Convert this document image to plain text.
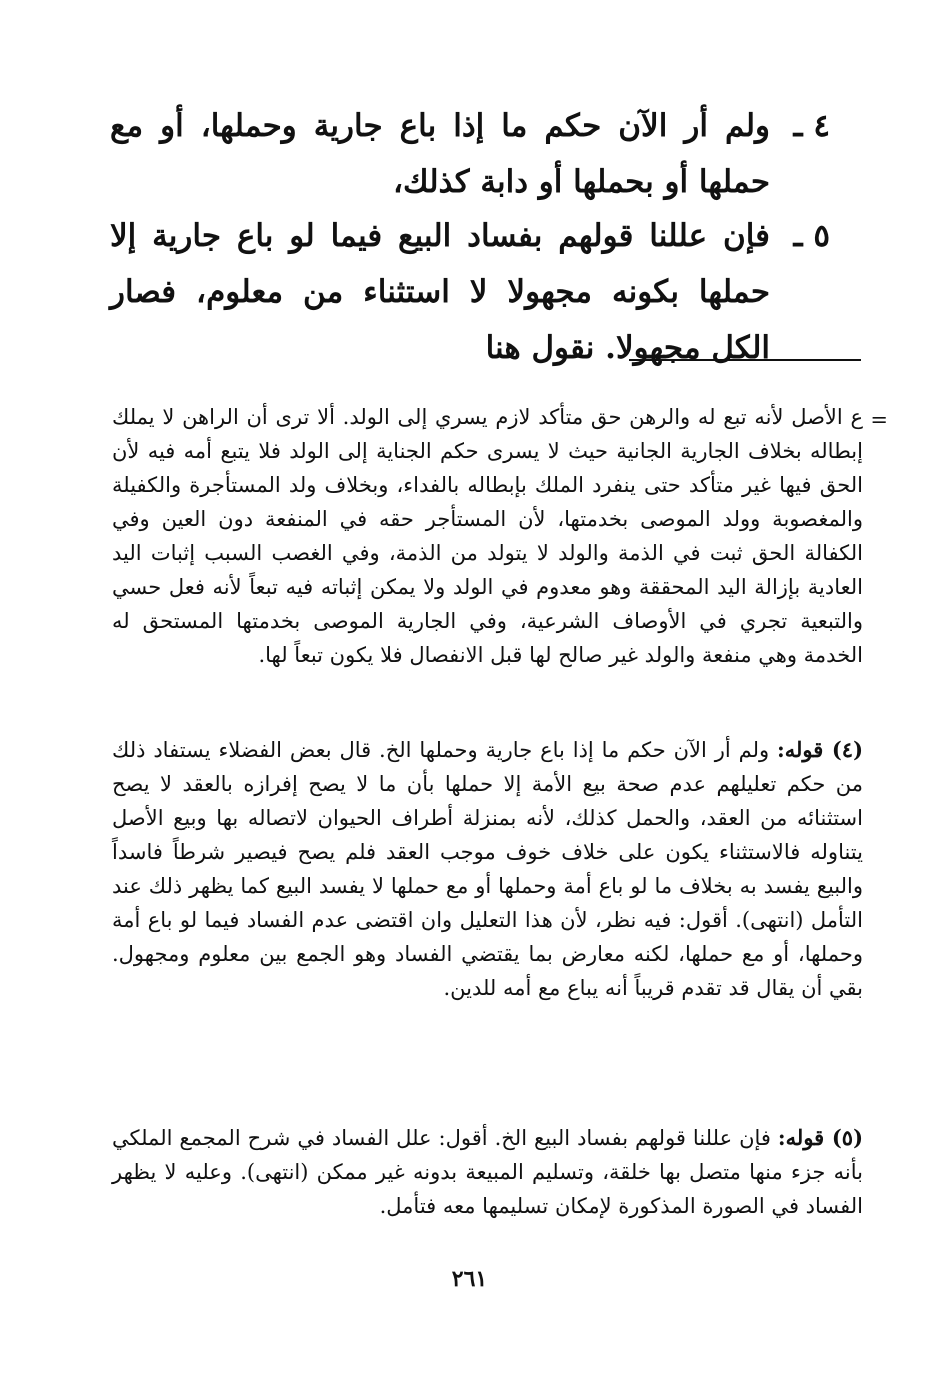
٤ ـ
ولم أر الآن حكم ما إذا باع جارية وحملها، أو مع حملها أو بحملها أو دابة كذلك،
٥ ـ
فإن عللنا قولهم بفساد البيع فيما لو باع جارية إلا حملها بكونه مجهولا لا استثناء من معلوم، فصار الكل مجهولا. نقول هنا
=

ع الأصل لأنه تبع له والرهن حق متأكد لازم يسري إلى الولد. ألا ترى أن الراهن لا يملك إبطاله بخلاف الجارية الجانية حيث لا يسرى حكم الجناية إلى الولد فلا يتبع أمه فيه لأن الحق فيها غير متأكد حتى ينفرد الملك بإبطاله بالفداء، وبخلاف ولد المستأجرة والكفيلة والمغصوبة وولد الموصى بخدمتها، لأن المستأجر حقه في المنفعة دون العين وفي الكفالة الحق ثبت في الذمة والولد لا يتولد من الذمة، وفي الغصب السبب إثبات اليد العادية بإزالة اليد المحققة وهو معدوم في الولد ولا يمكن إثباته فيه تبعاً لأنه فعل حسي والتبعية تجري في الأوصاف الشرعية، وفي الجارية الموصى بخدمتها المستحق له الخدمة وهي منفعة والولد غير صالح لها قبل الانفصال فلا يكون تبعاً لها.

(٤) قوله: ولم أر الآن حكم ما إذا باع جارية وحملها الخ. قال بعض الفضلاء يستفاد ذلك من حكم تعليلهم عدم صحة بيع الأمة إلا حملها بأن ما لا يصح إفرازه بالعقد لا يصح استثنائه من العقد، والحمل كذلك، لأنه بمنزلة أطراف الحيوان لاتصاله بها وبيع الأصل يتناوله فالاستثناء يكون على خلاف خوف موجب العقد فلم يصح فيصير شرطاً فاسداً والبيع يفسد به بخلاف ما لو باع أمة وحملها أو مع حملها لا يفسد البيع كما يظهر ذلك عند التأمل (انتهى). أقول: فيه نظر، لأن هذا التعليل وان اقتضى عدم الفساد فيما لو باع أمة وحملها، أو مع حملها، لكنه معارض بما يقتضي الفساد وهو الجمع بين معلوم ومجهول. بقي أن يقال قد تقدم قريباً أنه يباع مع أمه للدين.

(٥) قوله: فإن عللنا قولهم بفساد البيع الخ. أقول: علل الفساد في شرح المجمع الملكي بأنه جزء منها متصل بها خلقة، وتسليم المبيعة بدونه غير ممكن (انتهى). وعليه لا يظهر الفساد في الصورة المذكورة لإمكان تسليمها معه فتأمل.

٢٦١
